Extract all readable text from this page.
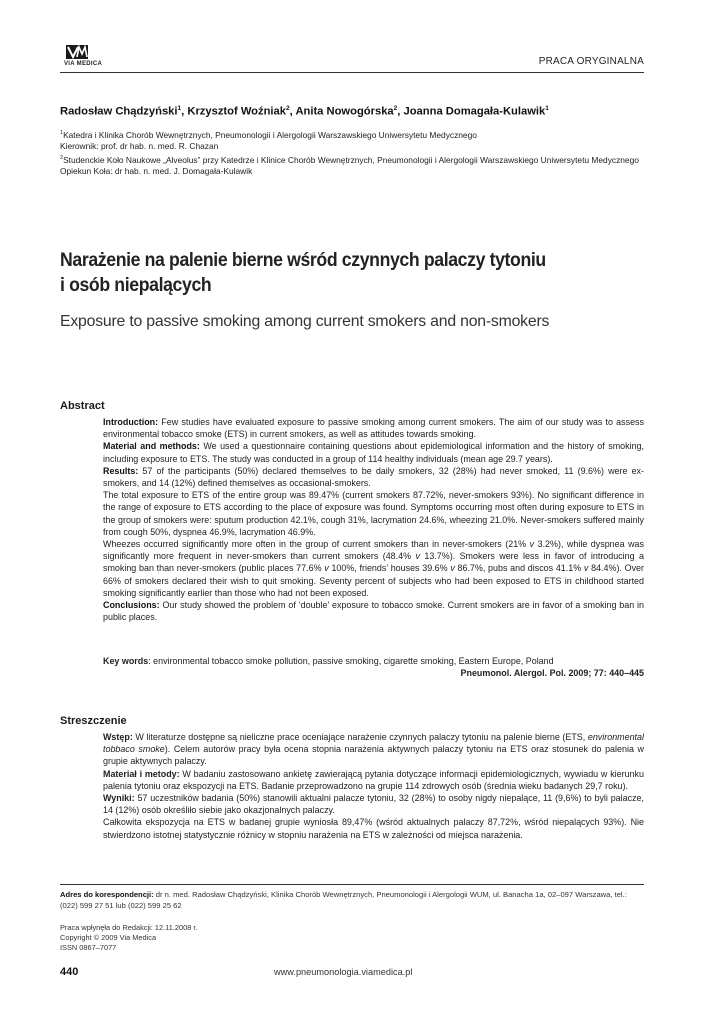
VIA MEDICA	PRACA ORYGINALNA
Radosław Chądzyński$^1$, Krzysztof Woźniak$^2$, Anita Nowogórska$^2$, Joanna Domagała-Kulawik$^1$
$^1$Katedra i Klinika Chorób Wewnętrznych, Pneumonologii i Alergologii Warszawskiego Uniwersytetu Medycznego
Kierownik: prof. dr hab. n. med. R. Chazan
$^2$Studenckie Koło Naukowe „Alveolus” przy Katedrze i Klinice Chorób Wewnętrznych, Pneumonologii i Alergologii Warszawskiego Uniwersytetu Medycznego
Opiekun Koła: dr hab. n. med. J. Domagała-Kulawik
Narażenie na palenie bierne wśród czynnych palaczy tytoniu
i osób niepalących
Exposure to passive smoking among current smokers and non-smokers
Abstract

Introduction: Few studies have evaluated exposure to passive smoking among current smokers. The aim of our study was to assess environmental tobacco smoke (ETS) in current smokers, as well as attitudes towards smoking.

Material and methods: We used a questionnaire containing questions about epidemiological information and the history of smoking, including exposure to ETS. The study was conducted in a group of 114 healthy individuals (mean age 29.7 years).

Results: 57 of the participants (50%) declared themselves to be daily smokers, 32 (28%) had never smoked, 11 (9.6%) were ex-smokers, and 14 (12%) defined themselves as occasional-smokers.

The total exposure to ETS of the entire group was 89.47% (current smokers 87.72%, never-smokers 93%). No significant difference in the range of exposure to ETS according to the place of exposure was found. Symptoms occurring most often during exposure to ETS in the group of smokers were: sputum production 42.1%, cough 31%, lacrymation 24.6%, wheezing 21.0%. Never-smokers suffered mainly from cough 50%, dyspnea 46.9%, lacrymation 46.9%.

Wheezes occurred significantly more often in the group of current smokers than in never-smokers (21% v 3.2%), while dyspnea was significantly more frequent in never-smokers than current smokers (48.4% v 13.7%). Smokers were less in favor of introducing a smoking ban than never-smokers (public places 77.6% v 100%, friends’ houses 39.6% v 86.7%, pubs and discos 41.1% v 84.4%). Over 66% of smokers declared their wish to quit smoking. Seventy percent of subjects who had been exposed to ETS in childhood started smoking significantly earlier than those who had not been exposed.

Conclusions: Our study showed the problem of ‘double’ exposure to tobacco smoke. Current smokers are in favor of a smoking ban in public places.

Key words: environmental tobacco smoke pollution, passive smoking, cigarette smoking, Eastern Europe, Poland

Pneumonol. Alergol. Pol. 2009; 77: 440–445

Streszczenie

Wstęp: W literaturze dostępne są nieliczne prace oceniające narażenie czynnych palaczy tytoniu na palenie bierne (ETS, environmental tobbaco smoke). Celem autorów pracy była ocena stopnia narażenia aktywnych palaczy tytoniu na ETS oraz stosunek do palenia w grupie aktywnych palaczy.

Materiał i metody: W badaniu zastosowano ankietę zawierającą pytania dotyczące informacji epidemiologicznych, wywiadu w kierunku palenia tytoniu oraz ekspozycji na ETS. Badanie przeprowadzono na grupie 114 zdrowych osób (średnia wieku badanych 29,7 roku).

Wyniki: 57 uczestników badania (50%) stanowili aktualni palacze tytoniu, 32 (28%) to osoby nigdy niepalące, 11 (9,6%) to byli palacze, 14 (12%) osób określiło siebie jako okazjonalnych palaczy.

Całkowita ekspozycja na ETS w badanej grupie wyniosła 89,47% (wśród aktualnych palaczy 87,72%, wśród niepalących 93%). Nie stwierdzono istotnej statystycznie różnicy w stopniu narażenia na ETS w zależności od miejsca narażenia.

Adres do korespondencji: dr n. med. Radosław Chądzyński, Klinika Chorób Wewnętrznych, Pneumonologii i Alergologii WUM, ul. Banacha 1a, 02–097 Warszawa, tel.: (022) 599 27 51 lub (022) 599 25 62
Praca wpłynęła do Redakcji: 12.11.2008 r.
Copyright © 2009 Via Medica
ISSN 0867–7077
440	www.pneumonologia.viamedica.pl
